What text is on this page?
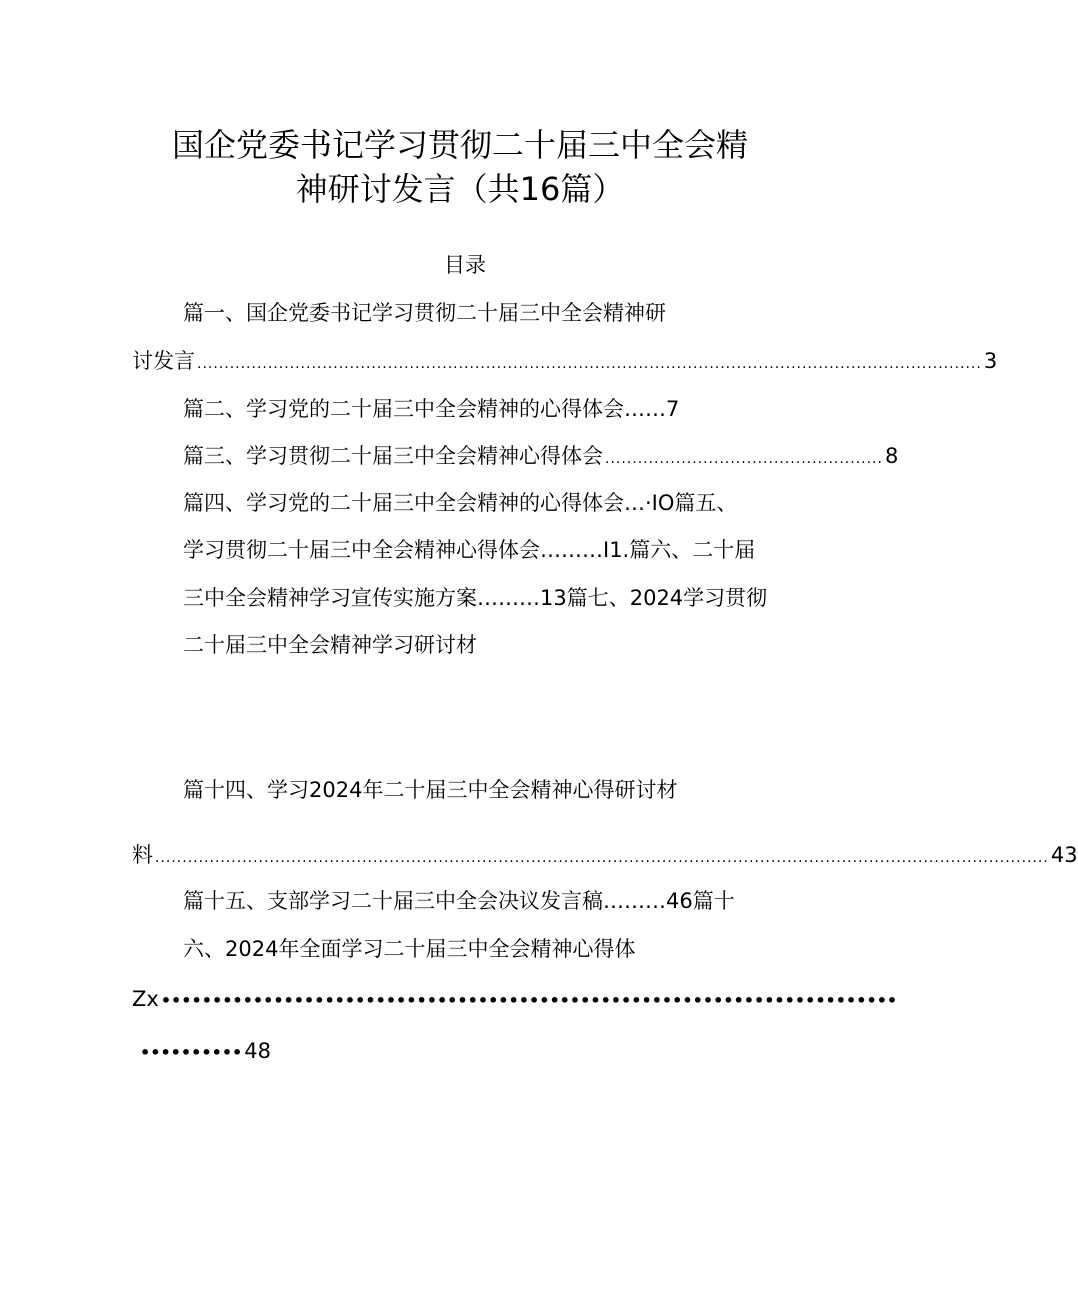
国企党委书记学习贯彻二十届三中全会精
神研讨发言（共16篇）
目录
篇一、国企党委书记学习贯彻二十届三中全会精神研
讨发言 ................................................................................................................................................ 3
篇二、学习党的二十届三中全会精神的心得体会……7
篇三、学习贯彻二十届三中全会精神心得体会 ................................................... 8
篇四、学习党的二十届三中全会精神的心得体会…·IO篇五、
学习贯彻二十届三中全会精神心得体会………I1.篇六、二十届
三中全会精神学习宣传实施方案………13篇七、2024学习贯彻
二十届三中全会精神学习研讨材
篇十四、学习2024年二十届三中全会精神心得研讨材
料 .................................................................................................................................................................... 43
篇十五、支部学习二十届三中全会决议发言稿………46篇十
六、2024年全面学习二十届三中全会精神心得体
Zx ••••••••••••••••••••••••••••••••••••••••••••••••••••••••••••••••••••••••
•••••••••• 48
